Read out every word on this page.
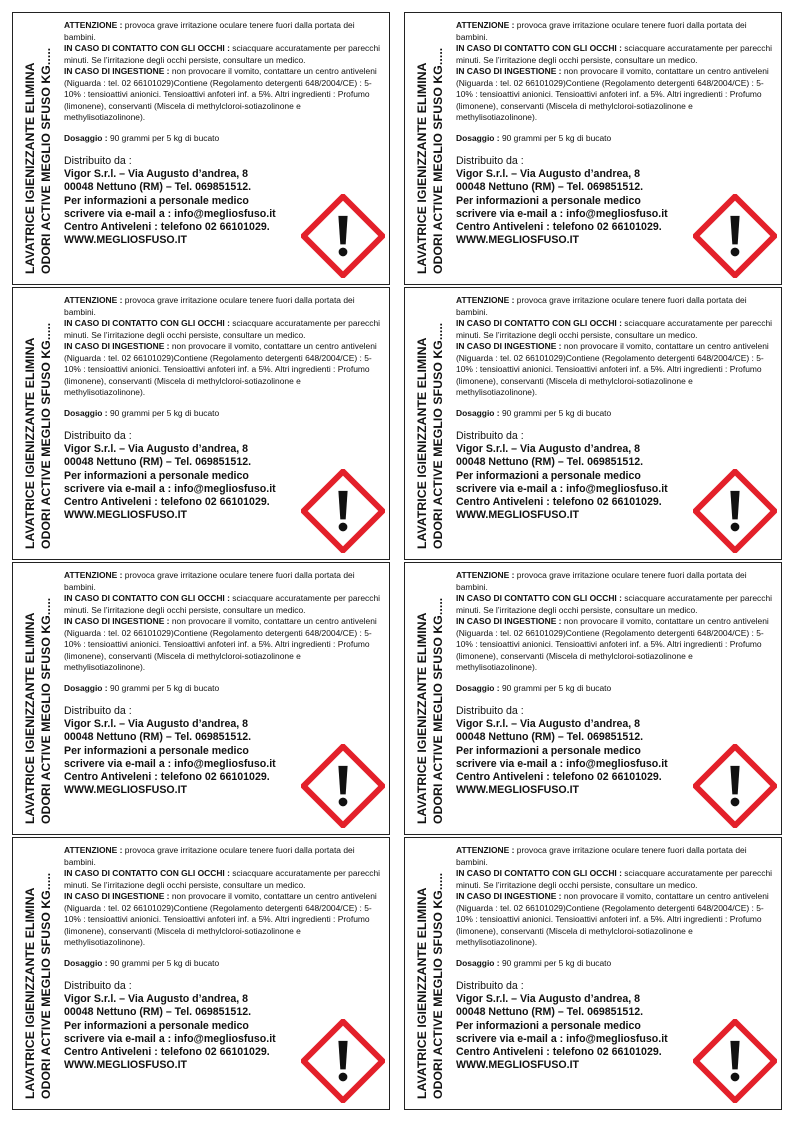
LAVATRICE IGIENIZZANTE ELIMINA ODORI ACTIVE MEGLIO SFUSO KG.....
ATTENZIONE : provoca grave irritazione oculare tenere fuori dalla portata dei bambini.
IN CASO DI CONTATTO CON GLI OCCHI : sciacquare accuratamente per parecchi minuti. Se l’irritazione degli occhi persiste, consultare un medico.
IN CASO DI INGESTIONE : non provocare il vomito, contattare un centro antiveleni (Niguarda : tel. 02 66101029)Contiene (Regolamento detergenti 648/2004/CE) : 5-10% : tensioattivi anionici. Tensioattivi anfoteri inf. a 5%. Altri ingredienti : Profumo (limonene), conservanti (Miscela di methylcloroi-sotiazolinone e methylisotiazolinone).
Dosaggio : 90 grammi per 5 kg di bucato
Distribuito da :
Vigor S.r.l. – Via Augusto d’andrea, 8
00048 Nettuno (RM) – Tel. 069851512.
Per informazioni a personale medico
scrivere via e-mail a : info@megliosfuso.it
Centro Antiveleni : telefono 02 66101029.
WWW.MEGLIOSFUSO.IT	LAVATRICE IGIENIZZANTE ELIMINA ODORI ACTIVE MEGLIO SFUSO KG.....
ATTENZIONE : provoca grave irritazione oculare tenere fuori dalla portata dei bambini.
IN CASO DI CONTATTO CON GLI OCCHI : sciacquare accuratamente per parecchi minuti. Se l’irritazione degli occhi persiste, consultare un medico.
IN CASO DI INGESTIONE : non provocare il vomito, contattare un centro antiveleni (Niguarda : tel. 02 66101029)Contiene (Regolamento detergenti 648/2004/CE) : 5-10% : tensioattivi anionici. Tensioattivi anfoteri inf. a 5%. Altri ingredienti : Profumo (limonene), conservanti (Miscela di methylcloroi-sotiazolinone e methylisotiazolinone).
Dosaggio : 90 grammi per 5 kg di bucato
Distribuito da :
Vigor S.r.l. – Via Augusto d’andrea, 8
00048 Nettuno (RM) – Tel. 069851512.
Per informazioni a personale medico
scrivere via e-mail a : info@megliosfuso.it
Centro Antiveleni : telefono 02 66101029.
WWW.MEGLIOSFUSO.IT
LAVATRICE IGIENIZZANTE ELIMINA ODORI ACTIVE MEGLIO SFUSO KG.....
ATTENZIONE : provoca grave irritazione oculare tenere fuori dalla portata dei bambini.
IN CASO DI CONTATTO CON GLI OCCHI : sciacquare accuratamente per parecchi minuti. Se l’irritazione degli occhi persiste, consultare un medico.
IN CASO DI INGESTIONE : non provocare il vomito, contattare un centro antiveleni (Niguarda : tel. 02 66101029)Contiene (Regolamento detergenti 648/2004/CE) : 5-10% : tensioattivi anionici. Tensioattivi anfoteri inf. a 5%. Altri ingredienti : Profumo (limonene), conservanti (Miscela di methylcloroi-sotiazolinone e methylisotiazolinone).
Dosaggio : 90 grammi per 5 kg di bucato
Distribuito da :
Vigor S.r.l. – Via Augusto d’andrea, 8
00048 Nettuno (RM) – Tel. 069851512.
Per informazioni a personale medico
scrivere via e-mail a : info@megliosfuso.it
Centro Antiveleni : telefono 02 66101029.
WWW.MEGLIOSFUSO.IT	LAVATRICE IGIENIZZANTE ELIMINA ODORI ACTIVE MEGLIO SFUSO KG.....
ATTENZIONE : provoca grave irritazione oculare tenere fuori dalla portata dei bambini.
IN CASO DI CONTATTO CON GLI OCCHI : sciacquare accuratamente per parecchi minuti. Se l’irritazione degli occhi persiste, consultare un medico.
IN CASO DI INGESTIONE : non provocare il vomito, contattare un centro antiveleni (Niguarda : tel. 02 66101029)Contiene (Regolamento detergenti 648/2004/CE) : 5-10% : tensioattivi anionici. Tensioattivi anfoteri inf. a 5%. Altri ingredienti : Profumo (limonene), conservanti (Miscela di methylcloroi-sotiazolinone e methylisotiazolinone).
Dosaggio : 90 grammi per 5 kg di bucato
Distribuito da :
Vigor S.r.l. – Via Augusto d’andrea, 8
00048 Nettuno (RM) – Tel. 069851512.
Per informazioni a personale medico
scrivere via e-mail a : info@megliosfuso.it
Centro Antiveleni : telefono 02 66101029.
WWW.MEGLIOSFUSO.IT
LAVATRICE IGIENIZZANTE ELIMINA ODORI ACTIVE MEGLIO SFUSO KG.....
ATTENZIONE : provoca grave irritazione oculare tenere fuori dalla portata dei bambini.
IN CASO DI CONTATTO CON GLI OCCHI : sciacquare accuratamente per parecchi minuti. Se l’irritazione degli occhi persiste, consultare un medico.
IN CASO DI INGESTIONE : non provocare il vomito, contattare un centro antiveleni (Niguarda : tel. 02 66101029)Contiene (Regolamento detergenti 648/2004/CE) : 5-10% : tensioattivi anionici. Tensioattivi anfoteri inf. a 5%. Altri ingredienti : Profumo (limonene), conservanti (Miscela di methylcloroi-sotiazolinone e methylisotiazolinone).
Dosaggio : 90 grammi per 5 kg di bucato
Distribuito da :
Vigor S.r.l. – Via Augusto d’andrea, 8
00048 Nettuno (RM) – Tel. 069851512.
Per informazioni a personale medico
scrivere via e-mail a : info@megliosfuso.it
Centro Antiveleni : telefono 02 66101029.
WWW.MEGLIOSFUSO.IT	LAVATRICE IGIENIZZANTE ELIMINA ODORI ACTIVE MEGLIO SFUSO KG.....
ATTENZIONE : provoca grave irritazione oculare tenere fuori dalla portata dei bambini.
IN CASO DI CONTATTO CON GLI OCCHI : sciacquare accuratamente per parecchi minuti. Se l’irritazione degli occhi persiste, consultare un medico.
IN CASO DI INGESTIONE : non provocare il vomito, contattare un centro antiveleni (Niguarda : tel. 02 66101029)Contiene (Regolamento detergenti 648/2004/CE) : 5-10% : tensioattivi anionici. Tensioattivi anfoteri inf. a 5%. Altri ingredienti : Profumo (limonene), conservanti (Miscela di methylcloroi-sotiazolinone e methylisotiazolinone).
Dosaggio : 90 grammi per 5 kg di bucato
Distribuito da :
Vigor S.r.l. – Via Augusto d’andrea, 8
00048 Nettuno (RM) – Tel. 069851512.
Per informazioni a personale medico
scrivere via e-mail a : info@megliosfuso.it
Centro Antiveleni : telefono 02 66101029.
WWW.MEGLIOSFUSO.IT
LAVATRICE IGIENIZZANTE ELIMINA ODORI ACTIVE MEGLIO SFUSO KG.....
ATTENZIONE : provoca grave irritazione oculare tenere fuori dalla portata dei bambini.
IN CASO DI CONTATTO CON GLI OCCHI : sciacquare accuratamente per parecchi minuti. Se l’irritazione degli occhi persiste, consultare un medico.
IN CASO DI INGESTIONE : non provocare il vomito, contattare un centro antiveleni (Niguarda : tel. 02 66101029)Contiene (Regolamento detergenti 648/2004/CE) : 5-10% : tensioattivi anionici. Tensioattivi anfoteri inf. a 5%. Altri ingredienti : Profumo (limonene), conservanti (Miscela di methylcloroi-sotiazolinone e methylisotiazolinone).
Dosaggio : 90 grammi per 5 kg di bucato
Distribuito da :
Vigor S.r.l. – Via Augusto d’andrea, 8
00048 Nettuno (RM) – Tel. 069851512.
Per informazioni a personale medico
scrivere via e-mail a : info@megliosfuso.it
Centro Antiveleni : telefono 02 66101029.
WWW.MEGLIOSFUSO.IT	LAVATRICE IGIENIZZANTE ELIMINA ODORI ACTIVE MEGLIO SFUSO KG.....
ATTENZIONE : provoca grave irritazione oculare tenere fuori dalla portata dei bambini.
IN CASO DI CONTATTO CON GLI OCCHI : sciacquare accuratamente per parecchi minuti. Se l’irritazione degli occhi persiste, consultare un medico.
IN CASO DI INGESTIONE : non provocare il vomito, contattare un centro antiveleni (Niguarda : tel. 02 66101029)Contiene (Regolamento detergenti 648/2004/CE) : 5-10% : tensioattivi anionici. Tensioattivi anfoteri inf. a 5%. Altri ingredienti : Profumo (limonene), conservanti (Miscela di methylcloroi-sotiazolinone e methylisotiazolinone).
Dosaggio : 90 grammi per 5 kg di bucato
Distribuito da :
Vigor S.r.l. – Via Augusto d’andrea, 8
00048 Nettuno (RM) – Tel. 069851512.
Per informazioni a personale medico
scrivere via e-mail a : info@megliosfuso.it
Centro Antiveleni : telefono 02 66101029.
WWW.MEGLIOSFUSO.IT
